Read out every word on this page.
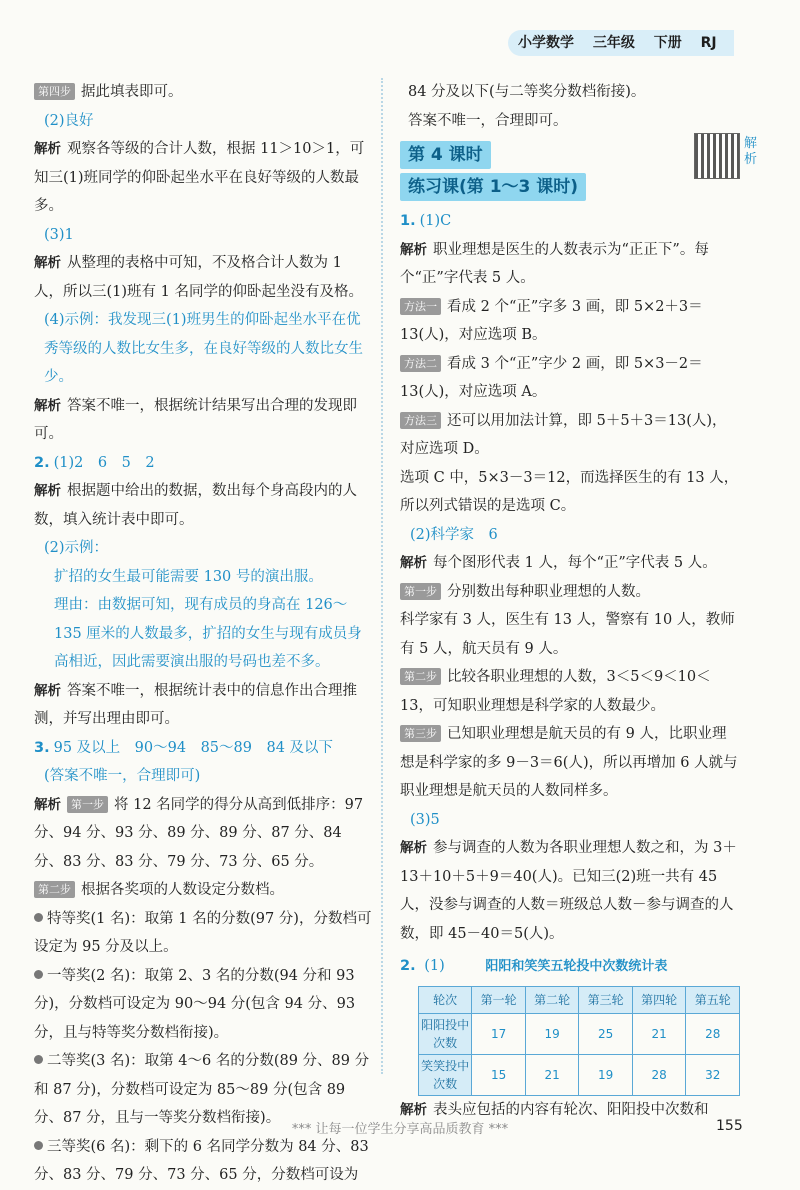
小学数学 三年级 下册 RJ

第四步 据此填表即可。

(2)良好

解析 观察各等级的合计人数，根据 11＞10＞1，可知三(1)班同学的仰卧起坐水平在良好等级的人数最多。

(3)1

解析 从整理的表格中可知，不及格合计人数为 1 人，所以三(1)班有 1 名同学的仰卧起坐没有及格。

(4)示例：我发现三(1)班男生的仰卧起坐水平在优秀等级的人数比女生多，在良好等级的人数比女生少。

解析 答案不唯一，根据统计结果写出合理的发现即可。

2. (1)2　6　5　2

解析 根据题中给出的数据，数出每个身高段内的人数，填入统计表中即可。

(2)示例：

扩招的女生最可能需要 130 号的演出服。

理由：由数据可知，现有成员的身高在 126～135 厘米的人数最多，扩招的女生与现有成员身高相近，因此需要演出服的号码也差不多。

解析 答案不唯一，根据统计表中的信息作出合理推测，并写出理由即可。

3. 95 及以上　90～94　85～89　84 及以下

(答案不唯一，合理即可)

解析 第一步 将 12 名同学的得分从高到低排序：97 分、94 分、93 分、89 分、89 分、87 分、84 分、83 分、83 分、79 分、73 分、65 分。

第二步 根据各奖项的人数设定分数档。

特等奖(1 名)：取第 1 名的分数(97 分)，分数档可设定为 95 分及以上。

一等奖(2 名)：取第 2、3 名的分数(94 分和 93 分)，分数档可设定为 90～94 分(包含 94 分、93 分，且与特等奖分数档衔接)。

二等奖(3 名)：取第 4～6 名的分数(89 分、89 分和 87 分)，分数档可设定为 85～89 分(包含 89 分、87 分，且与一等奖分数档衔接)。

三等奖(6 名)：剩下的 6 名同学分数为 84 分、83 分、83 分、79 分、73 分、65 分，分数档可设为

84 分及以下(与二等奖分数档衔接)。

答案不唯一，合理即可。

第 4 课时
练习课(第 1～3 课时)

1. (1)C

解析 职业理想是医生的人数表示为“正正下”。每个“正”字代表 5 人。

方法一 看成 2 个“正”字多 3 画，即 5×2＋3＝13(人)，对应选项 B。

方法二 看成 3 个“正”字少 2 画，即 5×3－2＝13(人)，对应选项 A。

方法三 还可以用加法计算，即 5＋5＋3＝13(人)，对应选项 D。

选项 C 中，5×3－3＝12，而选择医生的有 13 人，所以列式错误的是选项 C。

(2)科学家　6

解析 每个图形代表 1 人，每个“正”字代表 5 人。

第一步 分别数出每种职业理想的人数。

科学家有 3 人，医生有 13 人，警察有 10 人，教师有 5 人，航天员有 9 人。

第二步 比较各职业理想的人数，3＜5＜9＜10＜13，可知职业理想是科学家的人数最少。

第三步 已知职业理想是航天员的有 9 人，比职业理想是科学家的多 9－3＝6(人)，所以再增加 6 人就与职业理想是航天员的人数同样多。

(3)5

解析 参与调查的人数为各职业理想人数之和，为 3＋13＋10＋5＋9＝40(人)。已知三(2)班一共有 45 人，没参与调查的人数＝班级总人数－参与调查的人数，即 45－40＝5(人)。

2. (1)	阳阳和笑笑五轮投中次数统计表

轮次	第一轮	第二轮	第三轮	第四轮	第五轮
阳阳投中次数	17	19	25	21	28
笑笑投中次数	15	21	19	28	32

解析 表头应包括的内容有轮次、阳阳投中次数和

解析
*** 让每一位学生分享高品质教育 ***	155
